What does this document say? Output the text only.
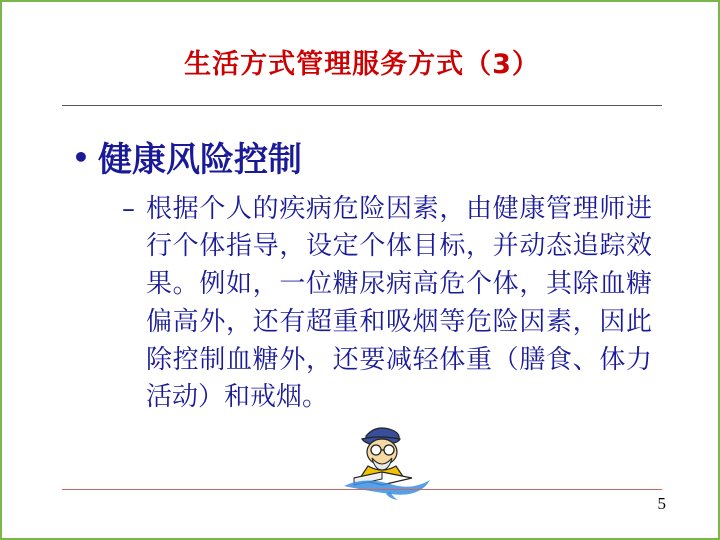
生活方式管理服务方式（3）
• 健康风险控制
– 根据个人的疾病危险因素，由健康管理师进行个体指导，设定个体目标，并动态追踪效果。例如，一位糖尿病高危个体，其除血糖偏高外，还有超重和吸烟等危险因素，因此除控制血糖外，还要减轻体重（膳食、体力活动）和戒烟。
5
